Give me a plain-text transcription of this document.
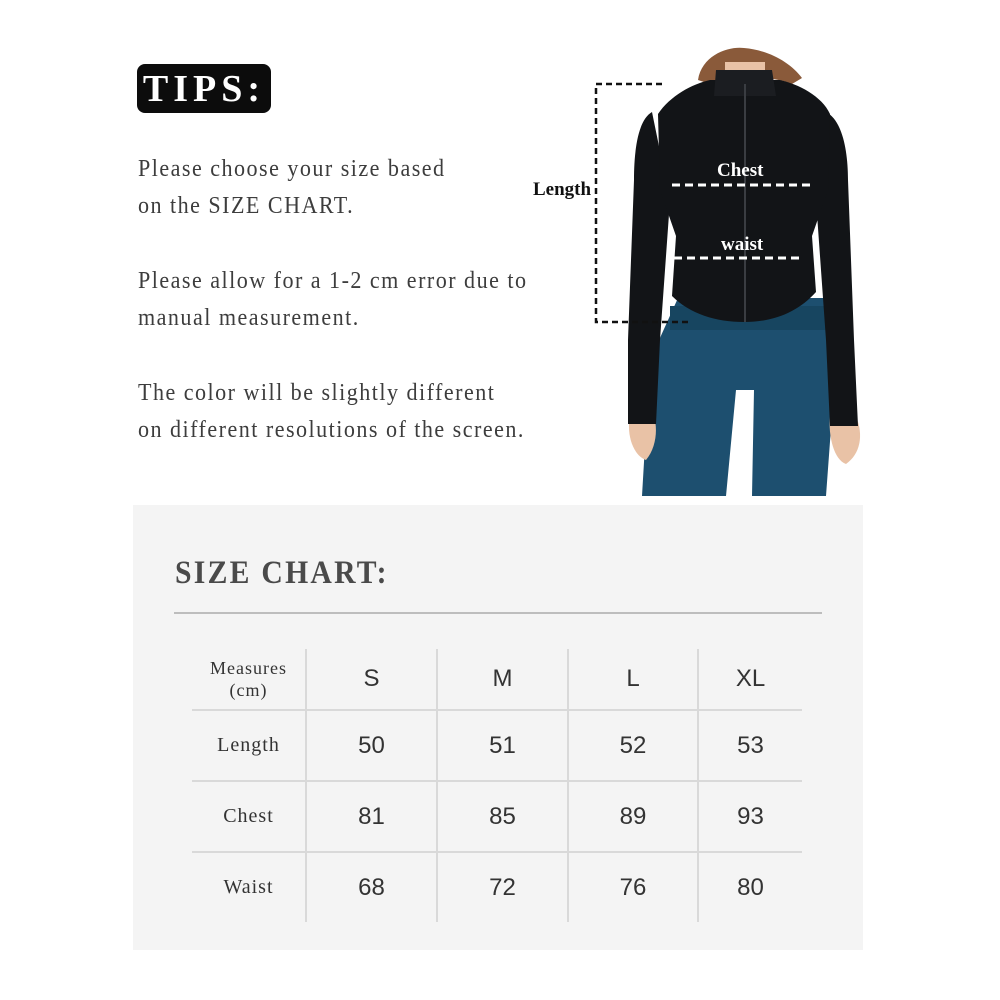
TIPS:

Please choose your size based
on the SIZE CHART.

Please allow for a 1-2 cm error due to
manual measurement.

The color will be slightly different
on different resolutions of the screen.

Length
Chest
waist
SIZE CHART:
Measures
(cm)	S	M	L	XL
Length	50	51	52	53
Chest	81	85	89	93
Waist	68	72	76	80
